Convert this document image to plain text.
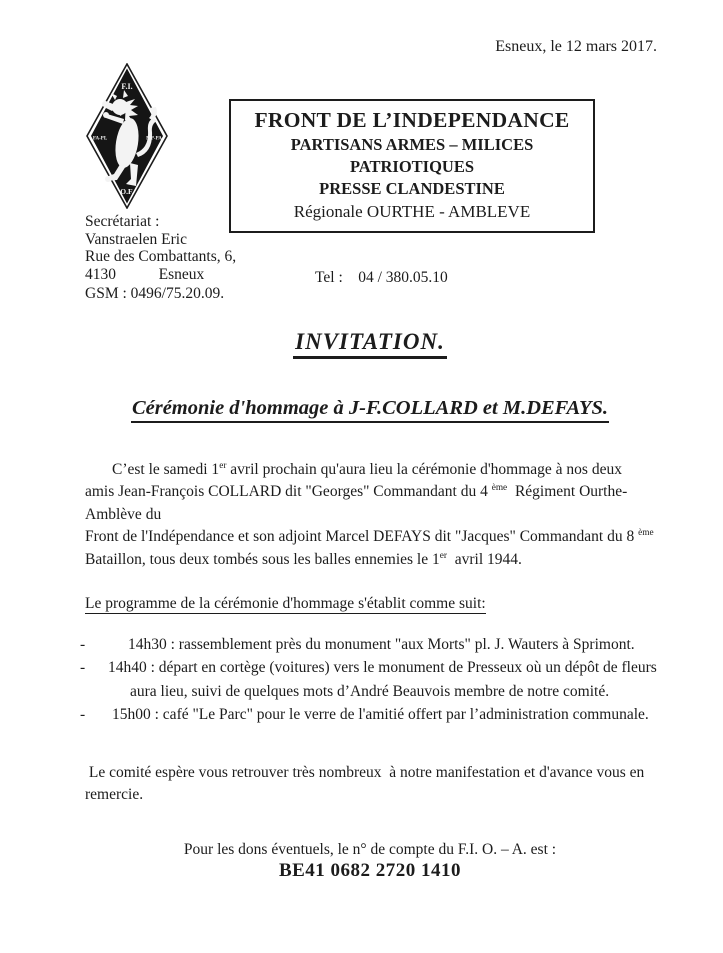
Esneux, le 12 mars 2017.
F.I.
FA-PL	MP-PA
O.F.
FRONT DE L’INDEPENDANCE
PARTISANS ARMES – MILICES PATRIOTIQUES
PRESSE CLANDESTINE
Régionale OURTHE - AMBLEVE
Secrétariat :
Vanstraelen Eric
Rue des Combattants, 6,
4130           Esneux
GSM : 0496/75.20.09.
Tel :    04 / 380.05.10
INVITATION.
Cérémonie d'hommage à J-F.COLLARD et M.DEFAYS.
C’est le samedi 1er avril prochain qu'aura lieu la cérémonie d'hommage à nos deux
amis Jean-François COLLARD dit "Georges" Commandant du 4 $^{ème}$  Régiment Ourthe-
Amblève du
Front de l'Indépendance et son adjoint Marcel DEFAYS dit "Jacques" Commandant du 8 $^{ème}$
Bataillon, tous deux tombés sous les balles ennemies le 1er  avril 1944.
Le programme de la cérémonie d'hommage s'établit comme suit:
-	14h30 : rassemblement près du monument "aux Morts" pl. J. Wauters à Sprimont.
- 14h40 : départ en cortège (voitures) vers le monument de Presseux où un dépôt de fleurs
aura lieu, suivi de quelques mots d’André Beauvois membre de notre comité.
- 15h00 : café "Le Parc" pour le verre de l'amitié offert par l’administration communale.
Le comité espère vous retrouver très nombreux  à notre manifestation et d'avance vous en
remercie.
Pour les dons éventuels, le n° de compte du F.I. O. – A. est :
BE41 0682 2720 1410
